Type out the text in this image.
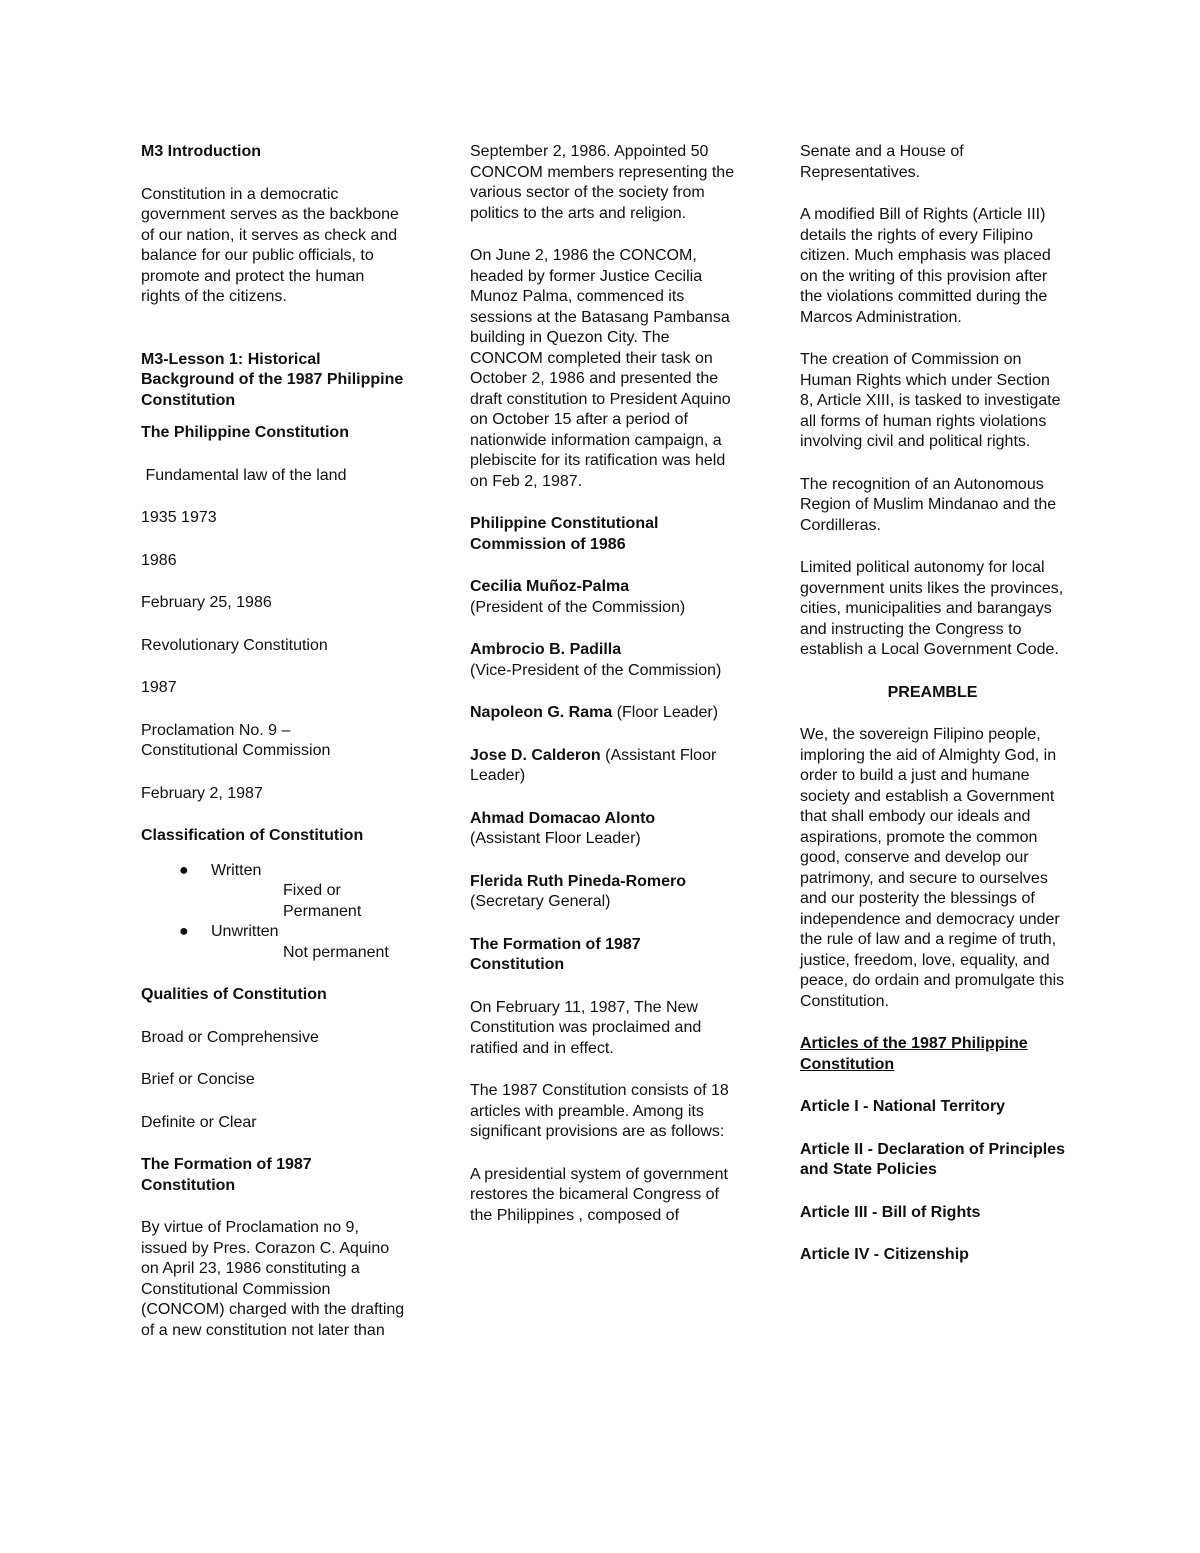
M3 Introduction

Constitution in a democratic government serves as the backbone of our nation, it serves as check and balance for our public officials, to promote and protect the human rights of the citizens.

M3-Lesson 1: Historical Background of the 1987 Philippine Constitution

The Philippine Constitution

Fundamental law of the land

1935 1973

1986

February 25, 1986

Revolutionary Constitution

1987

Proclamation No. 9 –
Constitutional Commission

February 2, 1987

Classification of Constitution

● Written
Fixed or
Permanent
● Unwritten
Not permanent

Qualities of Constitution

Broad or Comprehensive

Brief or Concise

Definite or Clear

The Formation of 1987 Constitution

By virtue of Proclamation no 9, issued by Pres. Corazon C. Aquino on April 23, 1986 constituting a Constitutional Commission (CONCOM) charged with the drafting of a new constitution not later than

September 2, 1986. Appointed 50 CONCOM members representing the various sector of the society from politics to the arts and religion.

On June 2, 1986 the CONCOM, headed by former Justice Cecilia Munoz Palma, commenced its sessions at the Batasang Pambansa building in Quezon City. The CONCOM completed their task on October 2, 1986 and presented the draft constitution to President Aquino on October 15 after a period of nationwide information campaign, a plebiscite for its ratification was held on Feb 2, 1987.

Philippine Constitutional Commission of 1986

Cecilia Muñoz-Palma
(President of the Commission)

Ambrocio B. Padilla
(Vice-President of the Commission)

Napoleon G. Rama (Floor Leader)

Jose D. Calderon (Assistant Floor Leader)

Ahmad Domacao Alonto
(Assistant Floor Leader)

Flerida Ruth Pineda-Romero
(Secretary General)

The Formation of 1987 Constitution

On February 11, 1987, The New Constitution was proclaimed and ratified and in effect.

The 1987 Constitution consists of 18 articles with preamble. Among its significant provisions are as follows:

A presidential system of government restores the bicameral Congress of the Philippines , composed of

Senate and a House of Representatives.

A modified Bill of Rights (Article III) details the rights of every Filipino citizen. Much emphasis was placed on the writing of this provision after the violations committed during the Marcos Administration.

The creation of Commission on Human Rights which under Section 8, Article XIII, is tasked to investigate all forms of human rights violations involving civil and political rights.

The recognition of an Autonomous Region of Muslim Mindanao and the Cordilleras.

Limited political autonomy for local government units likes the provinces, cities, municipalities and barangays and instructing the Congress to establish a Local Government Code.

PREAMBLE

We, the sovereign Filipino people, imploring the aid of Almighty God, in order to build a just and humane society and establish a Government that shall embody our ideals and aspirations, promote the common good, conserve and develop our patrimony, and secure to ourselves and our posterity the blessings of independence and democracy under the rule of law and a regime of truth, justice, freedom, love, equality, and peace, do ordain and promulgate this Constitution.

Articles of the 1987 Philippine Constitution

Article I - National Territory

Article II - Declaration of Principles and State Policies

Article III - Bill of Rights

Article IV - Citizenship
